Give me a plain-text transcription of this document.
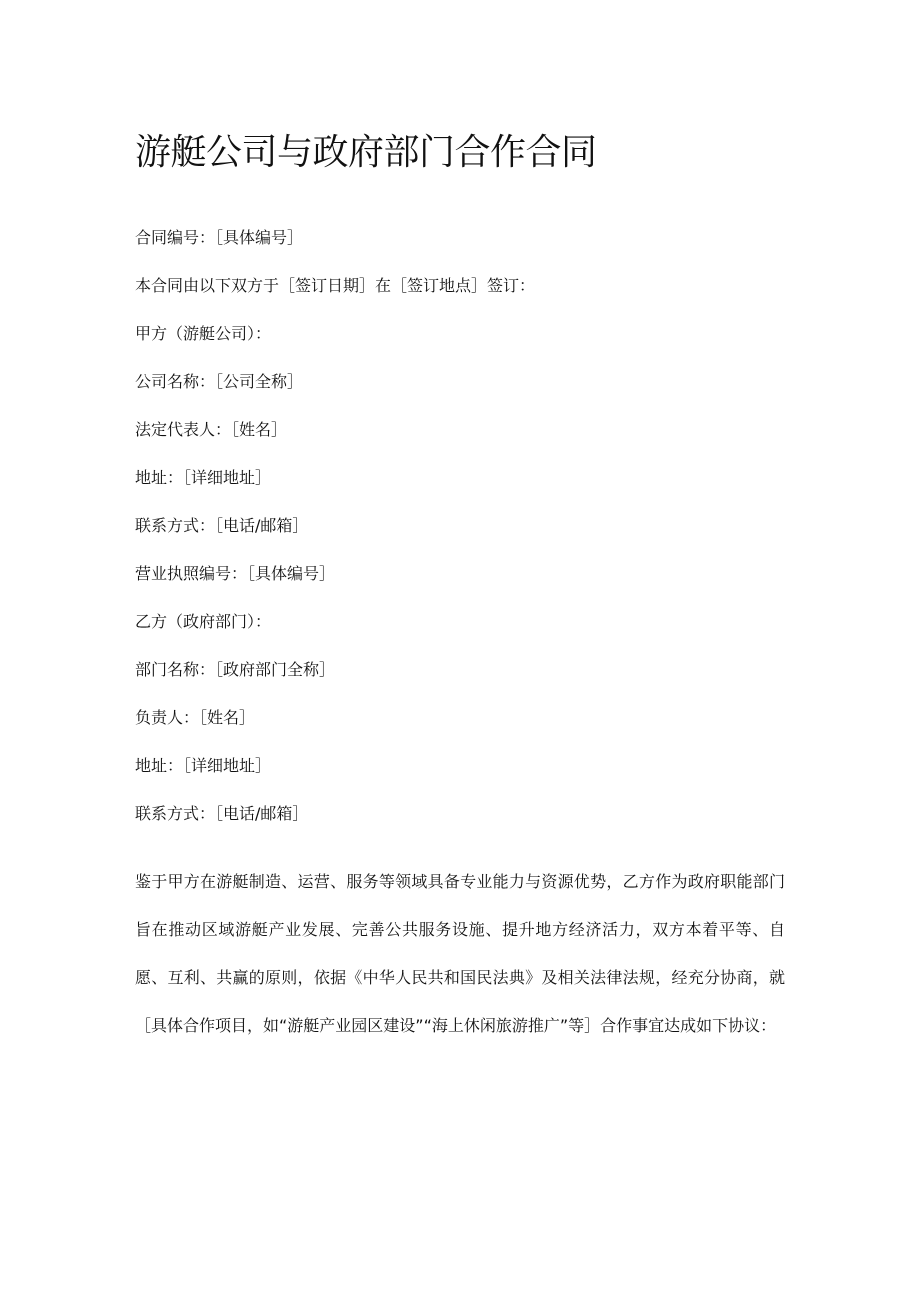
游艇公司与政府部门合作合同
合同编号：［具体编号］
本合同由以下双方于［签订日期］在［签订地点］签订：
甲方（游艇公司）：
公司名称：［公司全称］
法定代表人：［姓名］
地址：［详细地址］
联系方式：［电话/邮箱］
营业执照编号：［具体编号］
乙方（政府部门）：
部门名称：［政府部门全称］
负责人：［姓名］
地址：［详细地址］
联系方式：［电话/邮箱］

鉴于甲方在游艇制造、运营、服务等领域具备专业能力与资源优势，乙方作为政府职能部门旨在推动区域游艇产业发展、完善公共服务设施、提升地方经济活力，双方本着平等、自愿、互利、共赢的原则，依据《中华人民共和国民法典》及相关法律法规，经充分协商，就［具体合作项目，如“游艇产业园区建设”“海上休闲旅游推广”等］合作事宜达成如下协议：
